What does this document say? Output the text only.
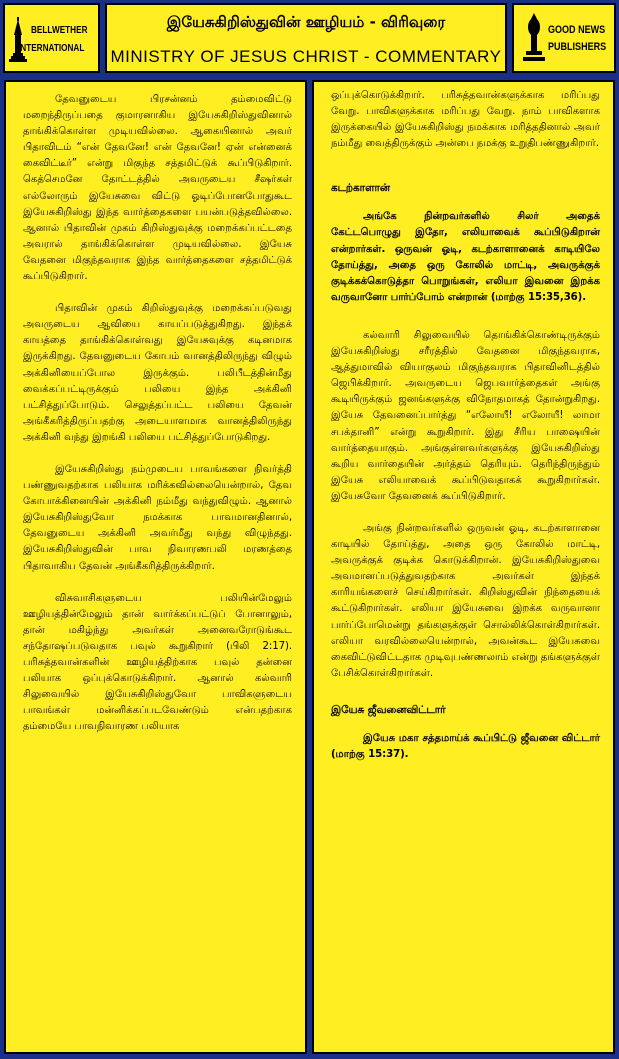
BELLWETHER
INTERNATIONAL
இயேசுகிறிஸ்துவின் ஊழியம் - விரிவுரை
MINISTRY OF JESUS CHRIST - COMMENTARY
GOOD NEWS
PUBLISHERS

தேவனுடைய பிரசன்னம் தம்மைவிட்டு மறைந்திருப்பதை குமாரனாகிய இயேசுகிறிஸ்துவினால் தாங்கிக்கொள்ள முடியவில்லை. ஆகையினால் அவர் பிதாவிடம் “என் தேவனே! என் தேவனே! ஏன் என்னைக் கைவிட்டீர்” என்று மிகுந்த சத்தமிட்டுக் கூப்பிடுகிறார். கெத்செமனே தோட்டத்தில் அவருடைய சீஷர்கள் எல்லோரும் இயேசுவை விட்டு ஓடிப்போனபோதுகூட இயேசுகிறிஸ்து இந்த வார்த்தைகளை பயன்படுத்தவில்லை. ஆனால் பிதாவின் முகம் கிறிஸ்துவுக்கு மறைக்கப்பட்டதை அவரால் தாங்கிக்கொள்ள முடியவில்லை. இயேசு வேதனை மிகுந்தவராக இந்த வார்த்தைகளை சத்தமிட்டுக் கூப்பிடுகிறார்.

பிதாவின் முகம் கிறிஸ்துவுக்கு மறைக்கப்படுவது அவருடைய ஆவியை காயப்படுத்துகிறது. இந்தக் காயத்தை தாங்கிக்கொள்வது இயேசுவுக்கு கடினமாக இருக்கிறது. தேவனுடைய கோபம் வானத்திலிருந்து விழும் அக்கினியைப்போல இருக்கும். பலிபீடத்தின்மீது வைக்கப்பட்டிருக்கும் பலியை இந்த அக்கினி பட்சித்துப்போடும். செலுத்தப்பட்ட பலியை தேவன் அங்கீகரித்திருப்பதற்கு அடையாளமாக வானத்திலிருந்து அக்கினி வந்து இறங்கி பலியை பட்சித்துப்போடுகிறது.

இயேசுகிறிஸ்து நம்முடைய பாவங்களை நிவர்த்தி பண்ணுவதற்காக பலியாக மரிக்கவில்லையென்றால், தேவ கோபாக்கினையின் அக்கினி நம்மீது வந்துவிழும். ஆனால் இயேசுகிறிஸ்துவோ நமக்காக பாவமானதினால், தேவனுடைய அக்கினி அவர்மீது வந்து விழுந்தது. இயேசுகிறிஸ்துவின் பாவ நிவாரணபலி மரணத்தை பிதாவாகிய தேவன் அங்கீகரித்திருக்கிறார்.

விசுவாசிகளுடைய பலியின்மேலும் ஊழியத்தின்மேலும் தான் வார்க்கப்பட்டுப் போனாலும், தான் மகிழ்ந்து அவர்கள் அனைவரோடுங்கூட சந்தோஷப்படுவதாக பவுல் கூறுகிறார் (பிலி 2:17). பரிசுத்தவான்களின் ஊழியத்திற்காக பவுல் தன்னை பலியாக ஒப்புக்கொடுக்கிறார். ஆனால் கல்வாரி சிலுவையில் இயேசுகிறிஸ்துவோ பாவிகளுடைய பாவங்கள் மன்னிக்கப்படவேண்டும் என்பதற்காக தம்மையே பாவநிவாரண பலியாக

ஒப்புக்கொடுக்கிறார். பரிசுத்தவான்களுக்காக மரிப்பது வேறு. பாவிகளுக்காக மரிப்பது வேறு. நாம் பாவிகளாக இருக்கையில் இயேசுகிறிஸ்து நமக்காக மரித்ததினால் அவர் நம்மீது வைத்திருக்கும் அன்பை நமக்கு உறுதிபண்ணுகிறார்.

கடற்காளான்

அங்கே நின்றவர்களில் சிலர் அதைக் கேட்டபொழுது இதோ, எலியாவைக் கூப்பிடுகிறான் என்றார்கள். ஒருவன் ஓடி, கடற்காளானைக் காடியிலே தோய்த்து, அதை ஒரு கோலில் மாட்டி, அவருக்குக் குடிக்கக்கொடுத்தா பொறுங்கள், எலியா இவனை இறக்க வருவானோ பார்ப்போம் என்றான் (மாற்கு 15:35,36).

கல்வாரி சிலுவையில் தொங்கிக்கொண்டிருக்கும் இயேசுகிறிஸ்து சரீரத்தில் வேதனை மிகுந்தவராக, ஆத்துமாவில் வியாகுலம் மிகுந்தவராக பிதாவினிடத்தில் ஜெபிக்கிறார். அவருடைய ஜெபவார்த்தைகள் அங்கு கூடியிருக்கும் ஜனங்களுக்கு விநோதமாகத் தோன்றுகிறது. இயேசு தேவனைப்பார்த்து “எலோயீ! எலோயீ! லாமா சபக்தானி” என்று கூறுகிறார். இது சீரிய பாஷையின் வார்த்தையாகும். அங்குள்ளவர்களுக்கு இயேசுகிறிஸ்து கூறிய வார்தையின் அர்த்தம் தெரியும். தெரிந்திருந்தும் இயேசு எலியாவைக் கூப்பிடுவதாகக் கூறுகிறார்கள். இயேசுவோ தேவனைக் கூப்பிடுகிறார்.

அங்கு நின்றவர்களில் ஒருவன் ஓடி, கடற்காளானை காடியில் தோய்த்து, அதை ஒரு கோலில் மாட்டி, அவருக்குக் குடிக்க கொடுக்கிறான். இயேசுகிறிஸ்துவை அவமானப்படுத்துவதற்காக அவர்கள் இந்தக் காரியங்களைச் செய்கிறார்கள். கிறிஸ்துவின் நிந்தையைக் கூட்டுகிறார்கள். எலியா இயேசுவை இறக்க வருவானா பார்ப்போமென்று தங்களுக்குள் சொல்லிக்கொள்கிறார்கள். எலியா வரவில்லையென்றால், அவன்கூட இயேசுவை கைவிட்டுவிட்டதாக முடிவுபண்ணலாம் என்று தங்களுக்குள் பேசிக்கொள்கிறார்கள்.

இயேசு ஜீவனைவிட்டார்

இயேசு மகா சத்தமாய்க் கூப்பிட்டு ஜீவனை விட்டார் (மாற்கு 15:37).
